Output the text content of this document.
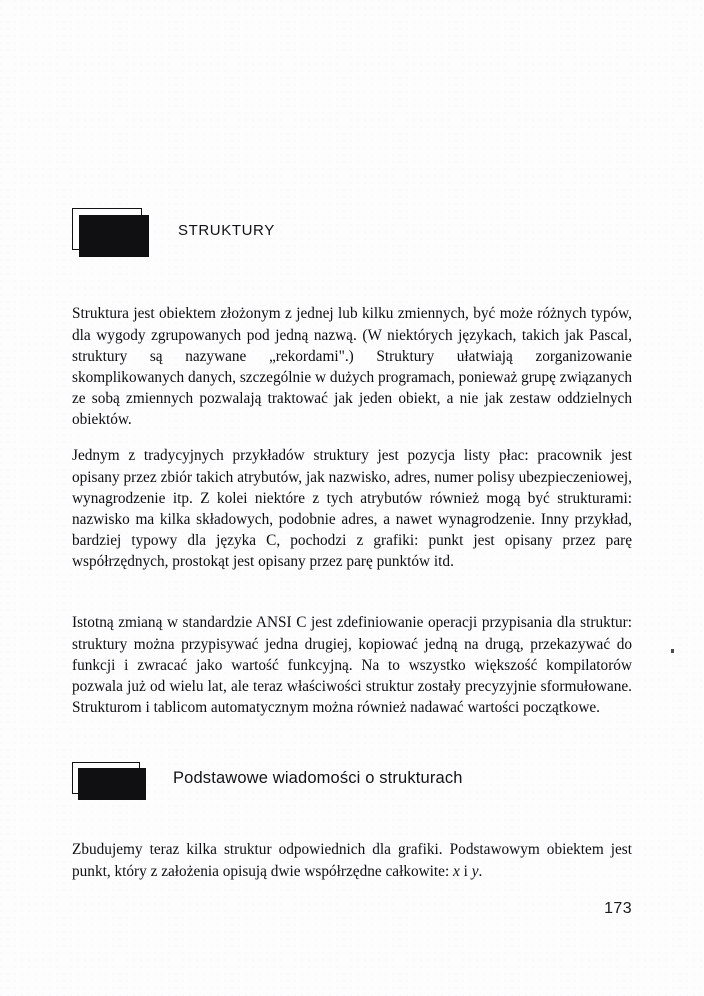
6	struktury

Struktura jest obiektem złożonym z jednej lub kilku zmiennych, być może różnych typów, dla wygody zgrupowanych pod jedną nazwą. (W niektórych językach, takich jak Pascal, struktury są nazywane „rekordami".) Struktury ułatwiają zorganizowanie skomplikowanych danych, szczególnie w dużych programach, ponieważ grupę związanych ze sobą zmiennych pozwalają traktować jak jeden obiekt, a nie jak zestaw oddzielnych obiektów.

Jednym z tradycyjnych przykładów struktury jest pozycja listy płac: pracownik jest opisany przez zbiór takich atrybutów, jak nazwisko, adres, numer polisy ubezpieczeniowej, wynagrodzenie itp. Z kolei niektóre z tych atrybutów również mogą być strukturami: nazwisko ma kilka składowych, podobnie adres, a nawet wynagrodzenie. Inny przykład, bardziej typowy dla języka C, pochodzi z grafiki: punkt jest opisany przez parę współrzędnych, prostokąt jest opisany przez parę punktów itd.

Istotną zmianą w standardzie ANSI C jest zdefiniowanie operacji przypisania dla struktur: struktury można przypisywać jedna drugiej, kopiować jedną na drugą, przekazywać do funkcji i zwracać jako wartość funkcyjną. Na to wszystko większość kompilatorów pozwala już od wielu lat, ale teraz właściwości struktur zostały precyzyjnie sformułowane. Strukturom i tablicom automatycznym można również nadawać wartości początkowe.

6.1	Podstawowe wiadomości o strukturach

Zbudujemy teraz kilka struktur odpowiednich dla grafiki. Podstawowym obiektem jest punkt, który z założenia opisują dwie współrzędne całkowite: x i y.

173
